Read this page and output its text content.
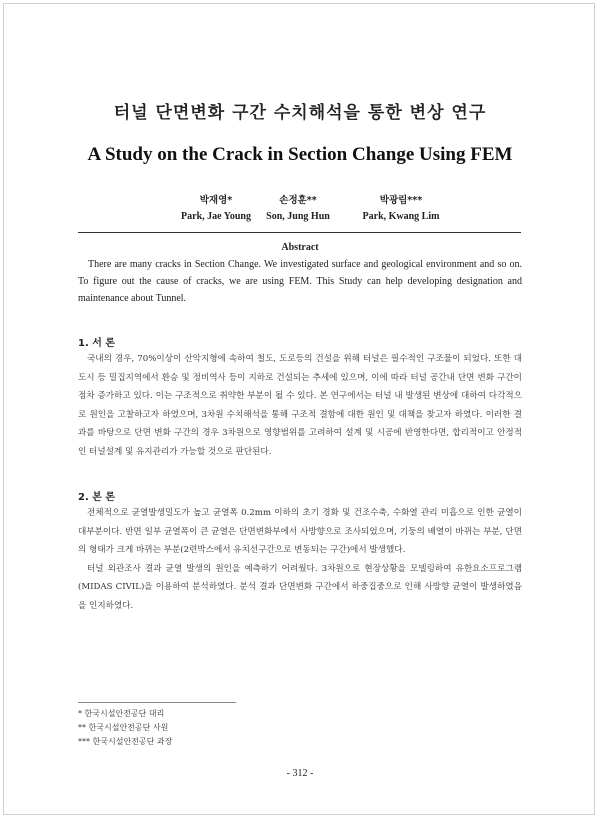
터널 단면변화 구간 수치해석을 통한 변상 연구
A Study on the Crack in Section Change Using FEM
박재영*
Park, Jae Young
손정훈**
Son, Jung Hun
박광림***
Park, Kwang Lim
Abstract
There are many cracks in Section Change. We investigated surface and geological environment and so on. To figure out the cause of cracks, we are using FEM. This Study can help developing designation and maintenance about Tunnel.
1. 서 론

국내의 경우, 70%이상이 산악지형에 속하여 철도, 도로등의 건설을 위해 터널은 필수적인 구조물이 되었다. 또한 대도시 등 밀집지역에서 환승 및 정비역사 등이 지하로 건설되는 추세에 있으며, 이에 따라 터널 공간내 단면 변화 구간이 점차 증가하고 있다. 이는 구조적으로 취약한 부분이 될 수 있다. 본 연구에서는 터널 내 발생된 변상에 대하여 다각적으로 원인을 고찰하고자 하였으며, 3차원 수치해석을 통해 구조적 결함에 대한 원인 및 대책을 찾고자 하였다. 이러한 결과를 바탕으로 단면 변화 구간의 경우 3차원으로 영향범위를 고려하여 설계 및 시공에 반영한다면, 합리적이고 안정적인 터널설계 및 유지관리가 가능할 것으로 판단된다.

2. 본 론

전체적으로 균열발생밀도가 높고 균열폭 0.2mm 이하의 초기 경화 및 건조수축, 수화열 관리 미흡으로 인한 균열이 대부분이다. 반면 일부 균열폭이 큰 균열은 단면변화부에서 사방향으로 조사되었으며, 기둥의 배열이 바뀌는 부분, 단면의 형태가 크게 바뀌는 부분(2련박스에서 유치선구간으로 변동되는 구간)에서 발생했다.

터널 외관조사 결과 균열 발생의 원인을 예측하기 어려웠다. 3차원으로 현장상황을 모델링하여 유한요소프로그램(MIDAS CIVIL)을 이용하여 분석하였다. 분석 결과 단면변화 구간에서 하중집중으로 인해 사방향 균열이 발생하였음을 인지하였다.

* 한국시설안전공단 대리
** 한국시설안전공단 사원
*** 한국시설안전공단 과장
- 312 -
